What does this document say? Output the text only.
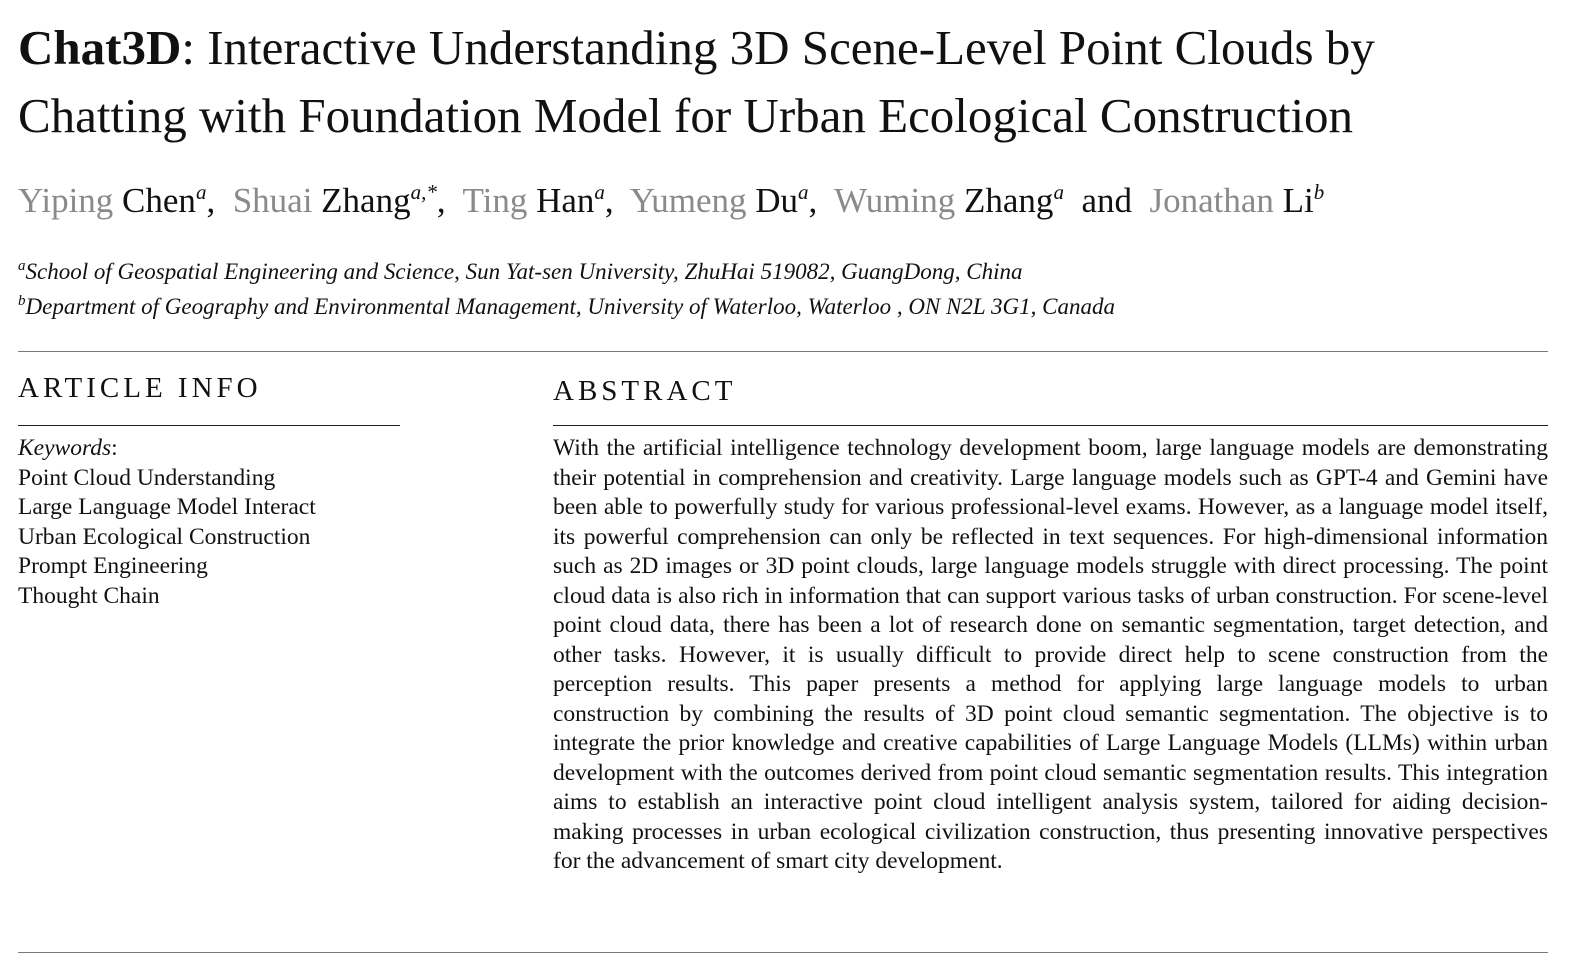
Chat3D: Interactive Understanding 3D Scene-Level Point Clouds by Chatting with Foundation Model for Urban Ecological Construction
Yiping Chen$^a$, Shuai Zhang$^{a,*}$, Ting Han$^a$, Yumeng Du$^a$, Wuming Zhang$^a$ and Jonathan Li$^b$
$^a$School of Geospatial Engineering and Science, Sun Yat-sen University, ZhuHai 519082, GuangDong, China
$^b$Department of Geography and Environmental Management, University of Waterloo, Waterloo , ON N2L 3G1, Canada
ARTICLE INFO
Keywords:
Point Cloud Understanding
Large Language Model Interact
Urban Ecological Construction
Prompt Engineering
Thought Chain
ABSTRACT

With the artificial intelligence technology development boom, large language models are demonstrating their potential in comprehension and creativity. Large language models such as GPT-4 and Gemini have been able to powerfully study for various professional-level exams. However, as a language model itself, its powerful comprehension can only be reflected in text sequences. For high-dimensional information such as 2D images or 3D point clouds, large language models struggle with direct processing. The point cloud data is also rich in information that can support various tasks of urban construction. For scene-level point cloud data, there has been a lot of research done on semantic segmentation, target detection, and other tasks. However, it is usually difficult to provide direct help to scene construction from the perception results. This paper presents a method for applying large language models to urban construction by combining the results of 3D point cloud semantic segmentation. The objective is to integrate the prior knowledge and creative capabilities of Large Language Models (LLMs) within urban development with the outcomes derived from point cloud semantic segmentation results. This integration aims to establish an interactive point cloud intelligent analysis system, tailored for aiding decision-making processes in urban ecological civilization construction, thus presenting innovative perspectives for the advancement of smart city development.
